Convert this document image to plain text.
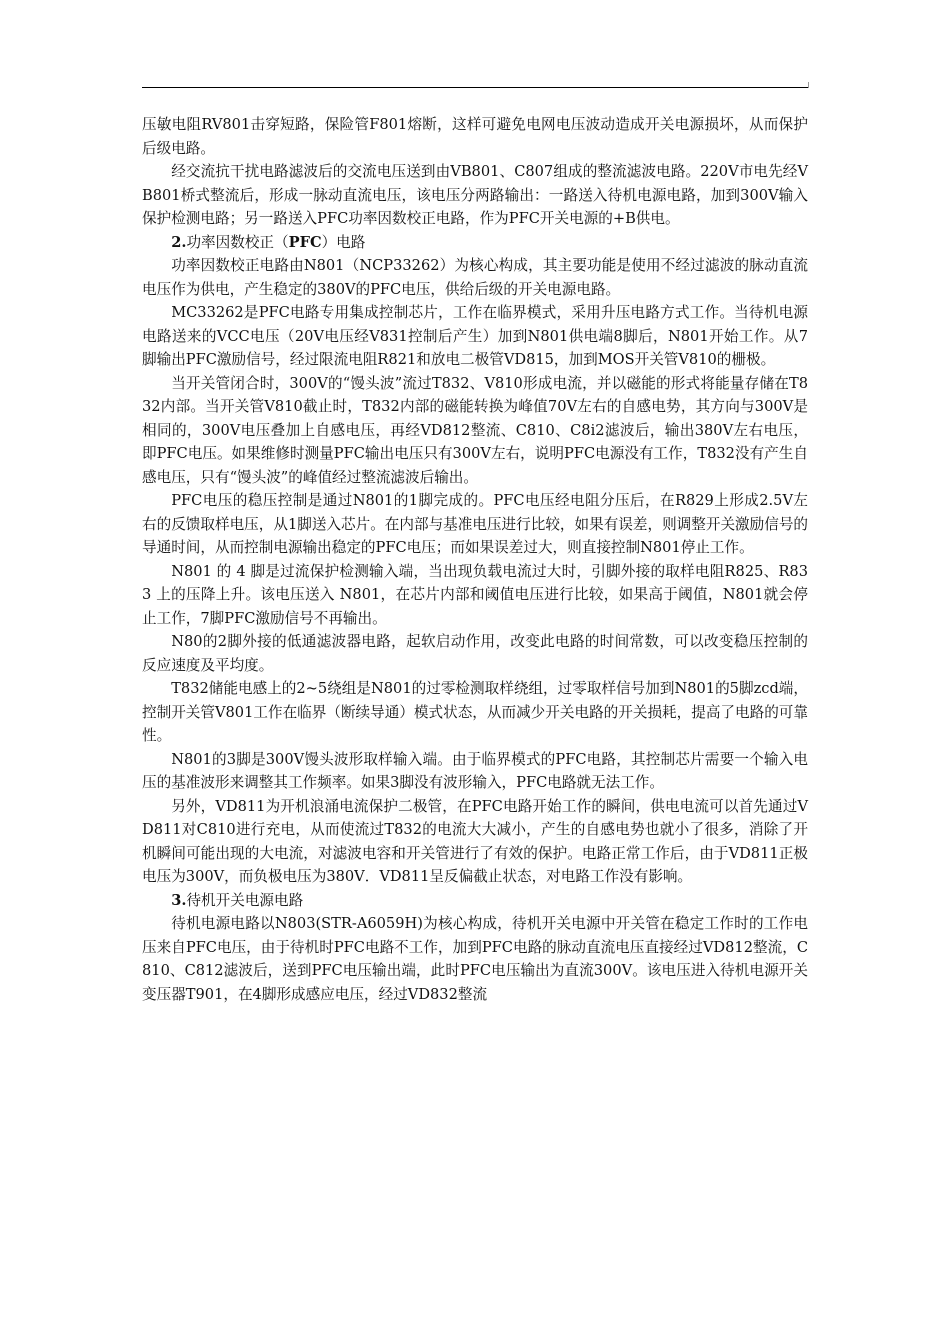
压敏电阻RV801击穿短路，保险管F801熔断，这样可避免电网电压波动造成开关电源损坏，从而保护后级电路。

经交流抗干扰电路滤波后的交流电压送到由VB801、C807组成的整流滤波电路。220V市电先经VB801桥式整流后，形成一脉动直流电压，该电压分两路输出：一路送入待机电源电路，加到300V输入保护检测电路；另一路送入PFC功率因数校正电路，作为PFC开关电源的+B供电。

2.功率因数校正（PFC）电路

功率因数校正电路由N801（NCP33262）为核心构成，其主要功能是使用不经过滤波的脉动直流电压作为供电，产生稳定的380V的PFC电压，供给后级的开关电源电路。

MC33262是PFC电路专用集成控制芯片，工作在临界模式，采用升压电路方式工作。当待机电源电路送来的VCC电压（20V电压经V831控制后产生）加到N801供电端8脚后，N801开始工作。从7脚输出PFC激励信号，经过限流电阻R821和放电二极管VD815，加到MOS开关管V810的栅极。

当开关管闭合时，300V的“馒头波”流过T832、V810形成电流，并以磁能的形式将能量存储在T832内部。当开关管V810截止时，T832内部的磁能转换为峰值70V左右的自感电势，其方向与300V是相同的，300V电压叠加上自感电压，再经VD812整流、C810、C8i2滤波后，输出380V左右电压，即PFC电压。如果维修时测量PFC输出电压只有300V左右，说明PFC电源没有工作，T832没有产生自感电压，只有“馒头波”的峰值经过整流滤波后输出。

PFC电压的稳压控制是通过N801的1脚完成的。PFC电压经电阻分压后，在R829上形成2.5V左右的反馈取样电压，从1脚送入芯片。在内部与基准电压进行比较，如果有误差，则调整开关激励信号的导通时间，从而控制电源输出稳定的PFC电压；而如果误差过大，则直接控制N801停止工作。

N801 的 4 脚是过流保护检测输入端，当出现负载电流过大时，引脚外接的取样电阻R825、R833 上的压降上升。该电压送入 N801，在芯片内部和阈值电压进行比较，如果高于阈值，N801就会停止工作，7脚PFC激励信号不再输出。

N80的2脚外接的低通滤波器电路，起软启动作用，改变此电路的时间常数，可以改变稳压控制的反应速度及平均度。

T832储能电感上的2~5绕组是N801的过零检测取样绕组，过零取样信号加到N801的5脚zcd端，控制开关管V801工作在临界（断续导通）模式状态，从而减少开关电路的开关损耗，提高了电路的可靠性。

N801的3脚是300V馒头波形取样输入端。由于临界模式的PFC电路，其控制芯片需要一个输入电压的基准波形来调整其工作频率。如果3脚没有波形输入，PFC电路就无法工作。

另外，VD811为开机浪涌电流保护二极管，在PFC电路开始工作的瞬间，供电电流可以首先通过VD811对C810进行充电，从而使流过T832的电流大大减小，产生的自感电势也就小了很多，消除了开机瞬间可能出现的大电流，对滤波电容和开关管进行了有效的保护。电路正常工作后，由于VD811正极电压为300V，而负极电压为380V．VD811呈反偏截止状态，对电路工作没有影响。

3.待机开关电源电路

待机电源电路以N803(STR-A6059H)为核心构成，待机开关电源中开关管在稳定工作时的工作电压来自PFC电压，由于待机时PFC电路不工作，加到PFC电路的脉动直流电压直接经过VD812整流，C810、C812滤波后，送到PFC电压输出端，此时PFC电压输出为直流300V。该电压进入待机电源开关变压器T901，在4脚形成感应电压，经过VD832整流
